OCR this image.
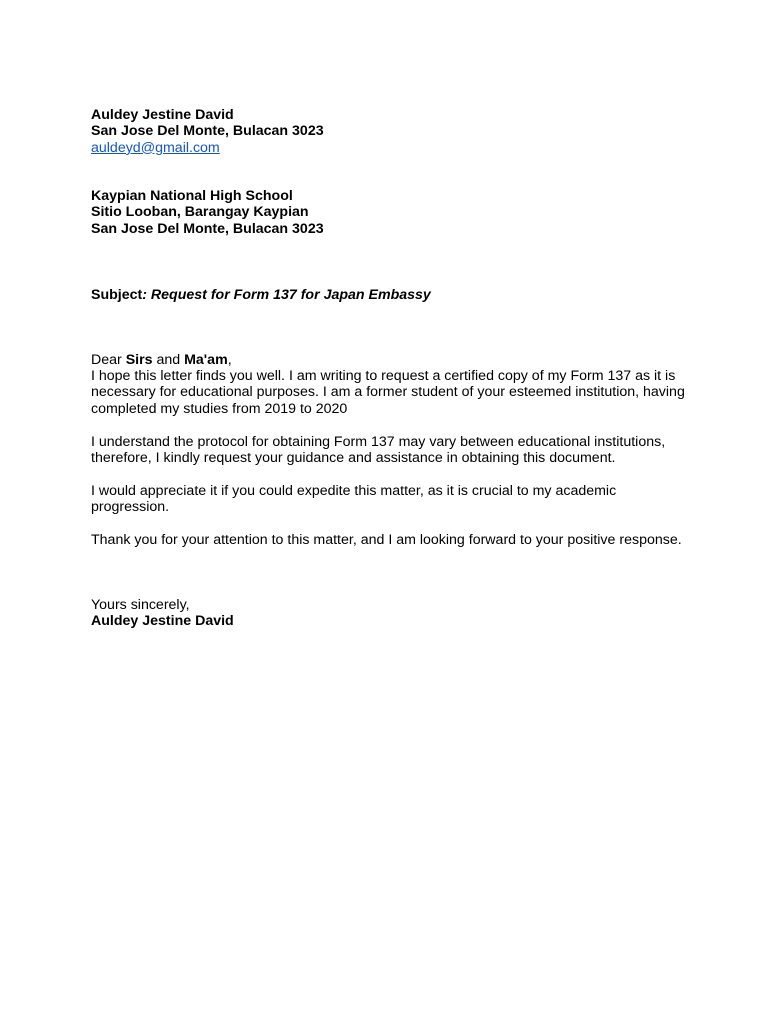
Auldey Jestine David
San Jose Del Monte, Bulacan 3023
auldeyd@gmail.com
Kaypian National High School
Sitio Looban, Barangay Kaypian
San Jose Del Monte, Bulacan 3023
Subject: Request for Form 137 for Japan Embassy
Dear Sirs and Ma'am,
I hope this letter finds you well. I am writing to request a certified copy of my Form 137 as it is
necessary for educational purposes. I am a former student of your esteemed institution, having
completed my studies from 2019 to 2020
I understand the protocol for obtaining Form 137 may vary between educational institutions,
therefore, I kindly request your guidance and assistance in obtaining this document.
I would appreciate it if you could expedite this matter, as it is crucial to my academic
progression.
Thank you for your attention to this matter, and I am looking forward to your positive response.
Yours sincerely,
Auldey Jestine David
